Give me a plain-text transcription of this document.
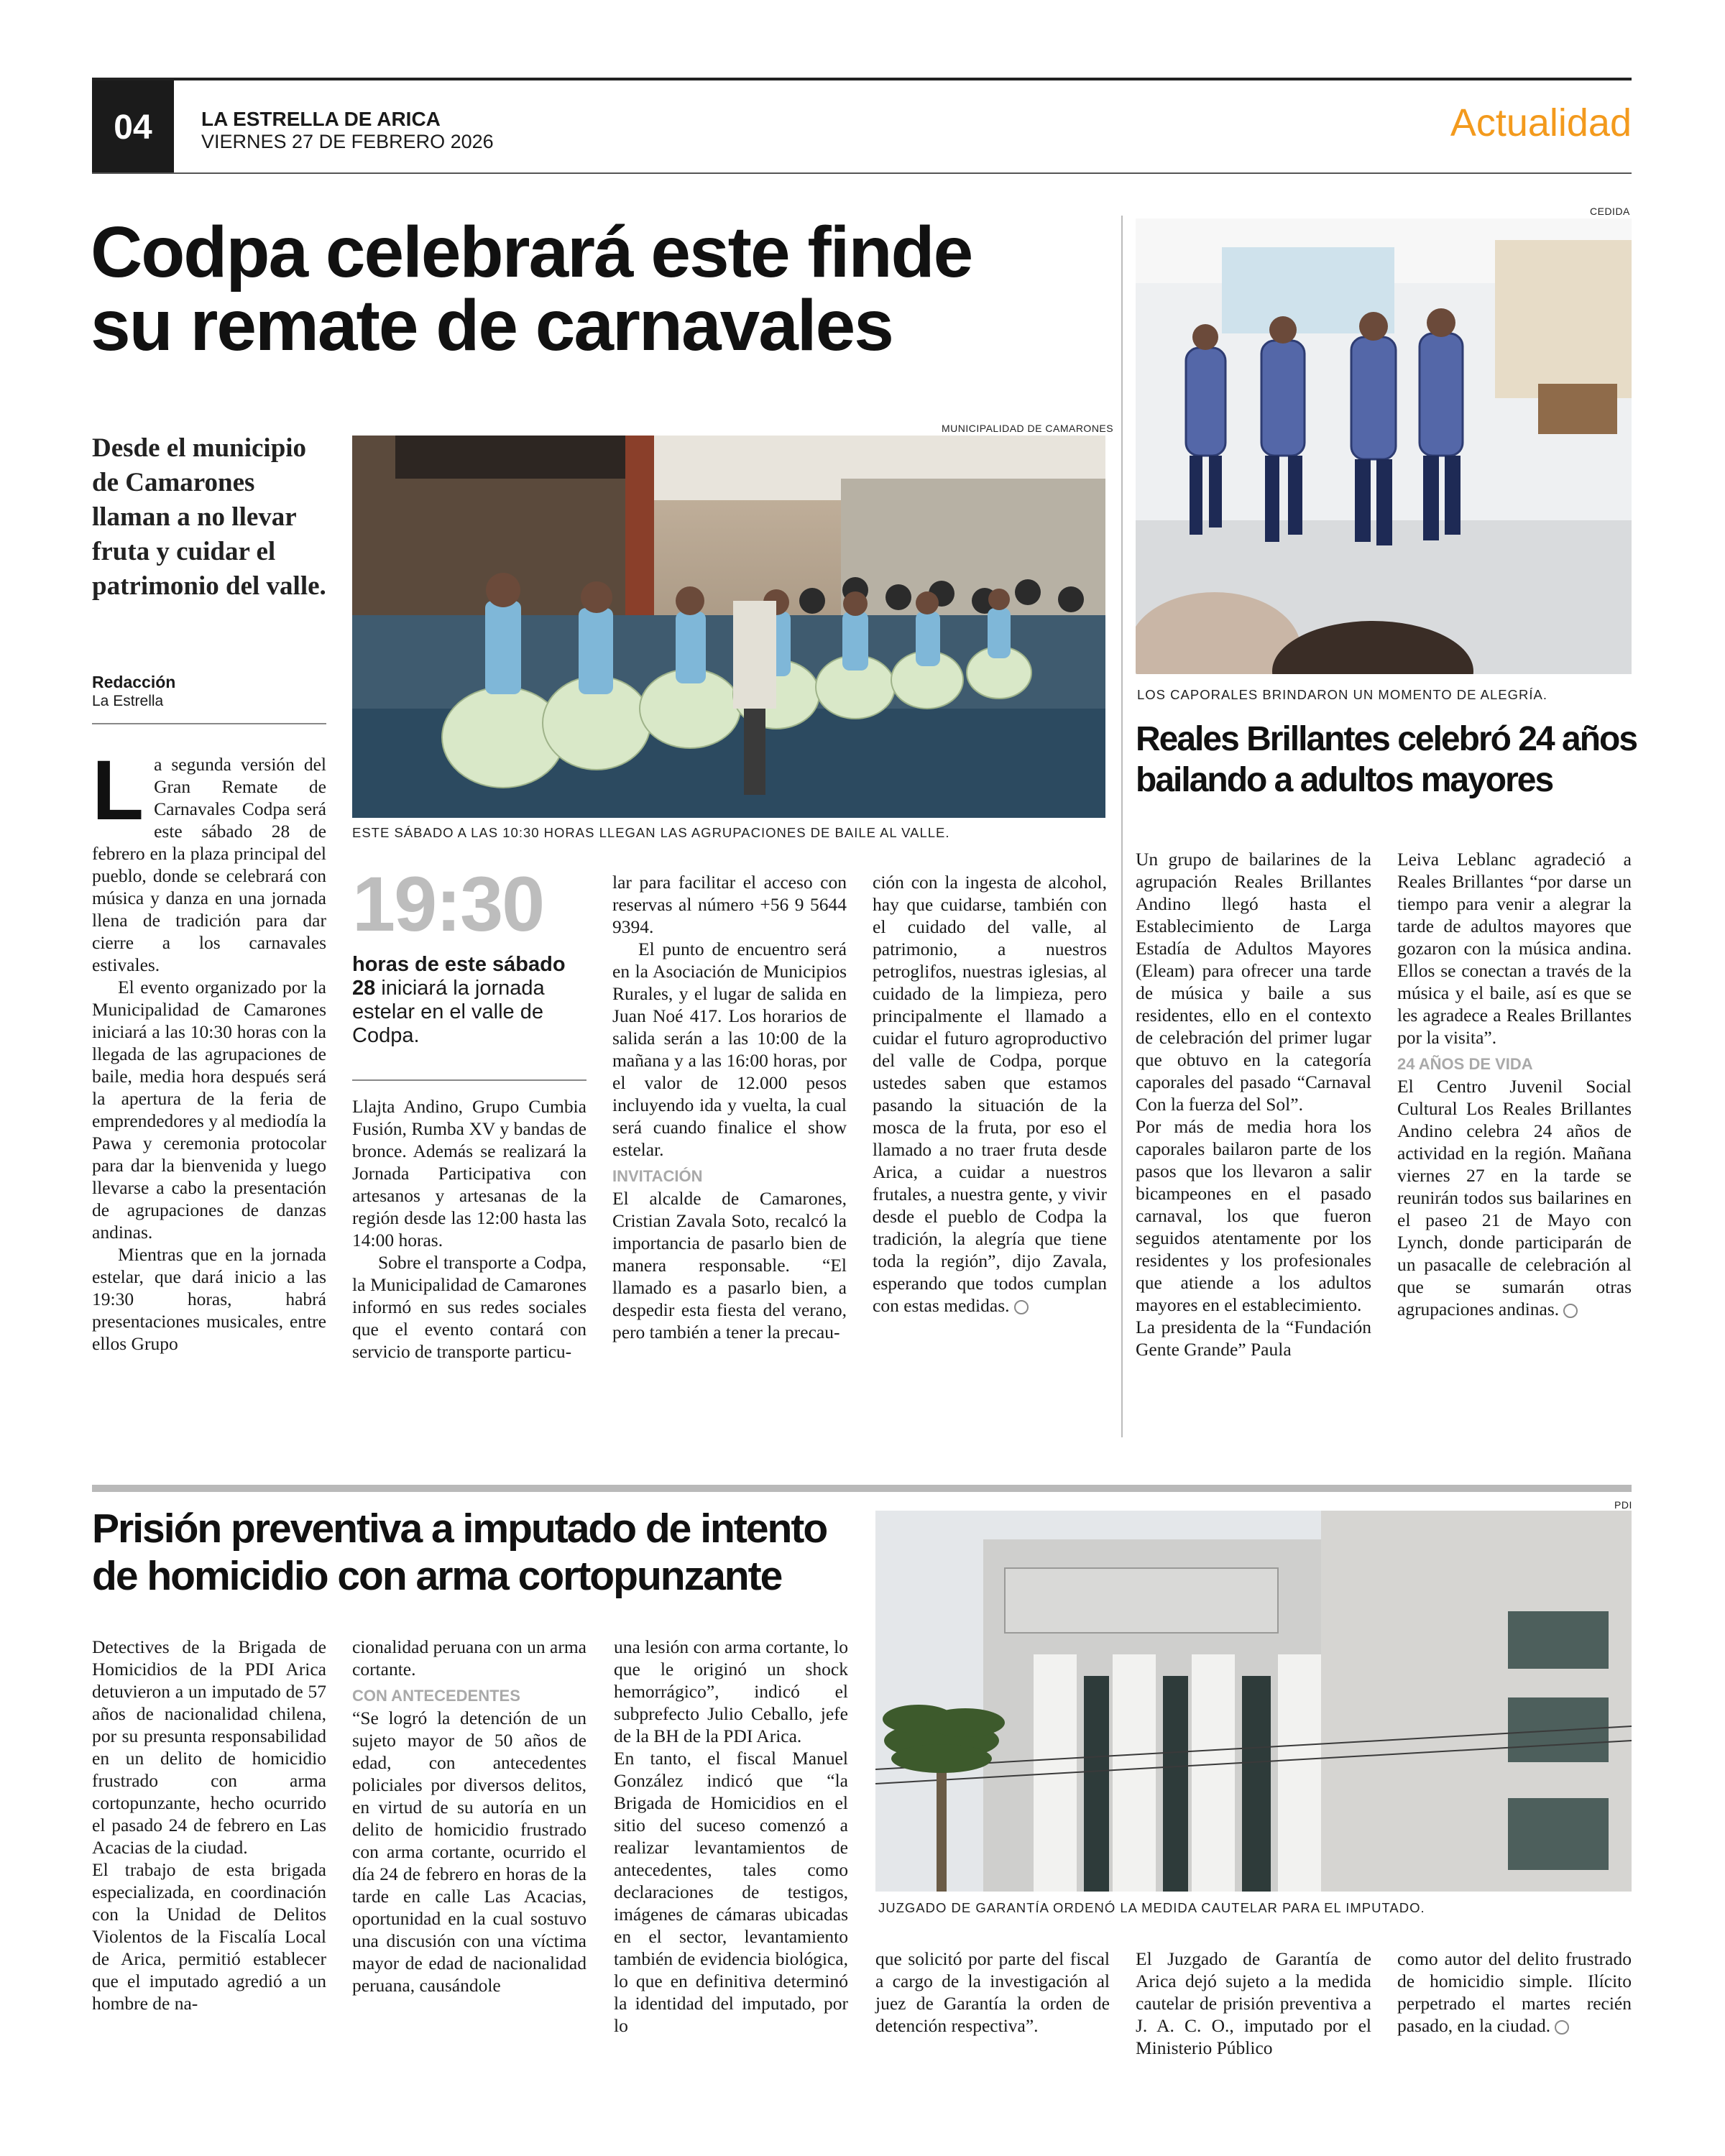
04	LA ESTRELLA DE ARICA
VIERNES 27 DE FEBRERO 2026	Actualidad
Codpa celebrará este finde
su remate de carnavales
Desde el municipio de Camarones llaman a no llevar fruta y cuidar el patrimonio del valle.
Redacción
La Estrella
MUNICIPALIDAD DE CAMARONES
ESTE SÁBADO A LAS 10:30 HORAS LLEGAN LAS AGRUPACIONES DE BAILE AL VALLE.

La segunda versión del Gran Remate de Carnavales Codpa será este sábado 28 de febrero en la plaza principal del pueblo, donde se celebrará con música y danza en una jornada llena de tradición para dar cierre a los carnavales estivales.

El evento organizado por la Municipalidad de Camarones iniciará a las 10:30 horas con la llegada de las agrupaciones de baile, media hora después será la apertura de la feria de emprendedores y al mediodía la Pawa y ceremonia protocolar para dar la bienvenida y luego llevarse a cabo la presentación de agrupaciones de danzas andinas.

Mientras que en la jornada estelar, que dará inicio a las 19:30 horas, habrá presentaciones musicales, entre ellos Grupo

19:30
horas de este sábado 28 iniciará la jornada estelar en el valle de Codpa.

Llajta Andino, Grupo Cumbia Fusión, Rumba XV y bandas de bronce. Además se realizará la Jornada Participativa con artesanos y artesanas de la región desde las 12:00 hasta las 14:00 horas.

Sobre el transporte a Codpa, la Municipalidad de Camarones informó en sus redes sociales que el evento contará con servicio de transporte particu-

lar para facilitar el acceso con reservas al número +56 9 5644 9394.

El punto de encuentro será en la Asociación de Municipios Rurales, y el lugar de salida en Juan Noé 417. Los horarios de salida serán a las 10:00 de la mañana y a las 16:00 horas, por el valor de 12.000 pesos incluyendo ida y vuelta, la cual será cuando finalice el show estelar.

INVITACIÓN

El alcalde de Camarones, Cristian Zavala Soto, recalcó la importancia de pasarlo bien de manera responsable. “El llamado es a pasarlo bien, a despedir esta fiesta del verano, pero también a tener la precau-

ción con la ingesta de alcohol, hay que cuidarse, también con el cuidado del valle, al patrimonio, a nuestros petroglifos, nuestras iglesias, al cuidado de la limpieza, pero principalmente el llamado a cuidar el futuro agroproductivo del valle de Codpa, porque ustedes saben que estamos pasando la situación de la mosca de la fruta, por eso el llamado a no traer fruta desde Arica, a cuidar a nuestros frutales, a nuestra gente, y vivir desde el pueblo de Codpa la tradición, la alegría que tiene toda la región”, dijo Zavala, esperando que todos cumplan con estas medidas.

CEDIDA
LOS CAPORALES BRINDARON UN MOMENTO DE ALEGRÍA.
Reales Brillantes celebró 24 años
bailando a adultos mayores

Un grupo de bailarines de la agrupación Reales Brillantes Andino llegó hasta el Establecimiento de Larga Estadía de Adultos Mayores (Eleam) para ofrecer una tarde de música y baile a sus residentes, ello en el contexto de celebración del primer lugar que obtuvo en la categoría caporales del pasado “Carnaval Con la fuerza del Sol”.

Por más de media hora los caporales bailaron parte de los pasos que los llevaron a salir bicampeones en el pasado carnaval, los que fueron seguidos atentamente por los residentes y los profesionales que atiende a los adultos mayores en el establecimiento.

La presidenta de la “Fundación Gente Grande” Paula

Leiva Leblanc agradeció a Reales Brillantes “por darse un tiempo para venir a alegrar la tarde de adultos mayores que gozaron con la música andina. Ellos se conectan a través de la música y el baile, así es que se les agradece a Reales Brillantes por la visita”.

24 AÑOS DE VIDA

El Centro Juvenil Social Cultural Los Reales Brillantes Andino celebra 24 años de actividad en la región. Mañana viernes 27 en la tarde se reunirán todos sus bailarines en el paseo 21 de Mayo con Lynch, donde participarán de un pasacalle de celebración al que se sumarán otras agrupaciones andinas.

Prisión preventiva a imputado de intento
de homicidio con arma cortopunzante
PDI
JUZGADO DE GARANTÍA ORDENÓ LA MEDIDA CAUTELAR PARA EL IMPUTADO.

Detectives de la Brigada de Homicidios de la PDI Arica detuvieron a un imputado de 57 años de nacionalidad chilena, por su presunta responsabilidad en un delito de homicidio frustrado con arma cortopunzante, hecho ocurrido el pasado 24 de febrero en Las Acacias de la ciudad.

El trabajo de esta brigada especializada, en coordinación con la Unidad de Delitos Violentos de la Fiscalía Local de Arica, permitió establecer que el imputado agredió a un hombre de na-

cionalidad peruana con un arma cortante.

CON ANTECEDENTES

“Se logró la detención de un sujeto mayor de 50 años de edad, con antecedentes policiales por diversos delitos, en virtud de su autoría en un delito de homicidio frustrado con arma cortante, ocurrido el día 24 de febrero en horas de la tarde en calle Las Acacias, oportunidad en la cual sostuvo una discusión con una víctima mayor de edad de nacionalidad peruana, causándole

una lesión con arma cortante, lo que le originó un shock hemorrágico”, indicó el subprefecto Julio Ceballo, jefe de la BH de la PDI Arica.

En tanto, el fiscal Manuel González indicó que “la Brigada de Homicidios en el sitio del suceso comenzó a realizar levantamientos de antecedentes, tales como declaraciones de testigos, imágenes de cámaras ubicadas en el sector, levantamiento también de evidencia biológica, lo que en definitiva determinó la identidad del imputado, por lo

que solicitó por parte del fiscal a cargo de la investigación al juez de Garantía la orden de detención respectiva”.

El Juzgado de Garantía de Arica dejó sujeto a la medida cautelar de prisión preventiva a J. A. C. O., imputado por el Ministerio Público

como autor del delito frustrado de homicidio simple. Ilícito perpetrado el martes recién pasado, en la ciudad.
